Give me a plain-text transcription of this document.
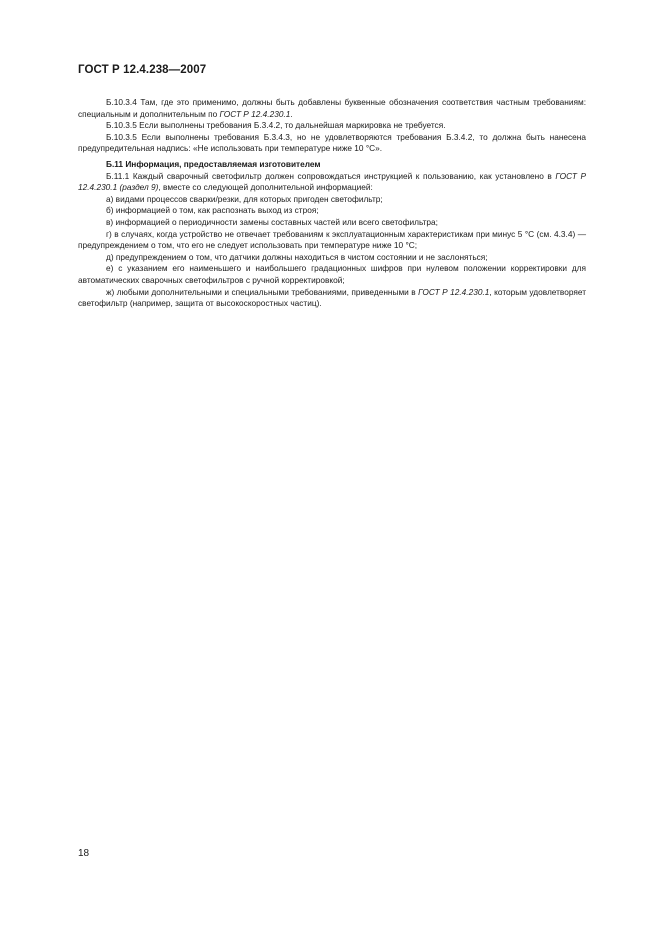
ГОСТ Р 12.4.238—2007

Б.10.3.4 Там, где это применимо, должны быть добавлены буквенные обозначения соответствия частным требованиям: специальным и дополнительным по ГОСТ Р 12.4.230.1.

Б.10.3.5 Если выполнены требования Б.3.4.2, то дальнейшая маркировка не требуется.

Б.10.3.5 Если выполнены требования Б.3.4.3, но не удовлетворяются требования Б.3.4.2, то должна быть нанесена предупредительная надпись: «Не использовать при температуре ниже 10 °С».

Б.11 Информация, предоставляемая изготовителем

Б.11.1 Каждый сварочный светофильтр должен сопровождаться инструкцией к пользованию, как установлено в ГОСТ Р 12.4.230.1 (раздел 9), вместе со следующей дополнительной информацией:

а) видами процессов сварки/резки, для которых пригоден светофильтр;

б) информацией о том, как распознать выход из строя;

в) информацией о периодичности замены составных частей или всего светофильтра;

г) в случаях, когда устройство не отвечает требованиям к эксплуатационным характеристикам при минус 5 °С (см. 4.3.4) — предупреждением о том, что его не следует использовать при температуре ниже 10 °С;

д) предупреждением о том, что датчики должны находиться в чистом состоянии и не заслоняться;

е) с указанием его наименьшего и наибольшего градационных шифров при нулевом положении корректировки для автоматических сварочных светофильтров с ручной корректировкой;

ж) любыми дополнительными и специальными требованиями, приведенными в ГОСТ Р 12.4.230.1, которым удовлетворяет светофильтр (например, защита от высокоскоростных частиц).

18
